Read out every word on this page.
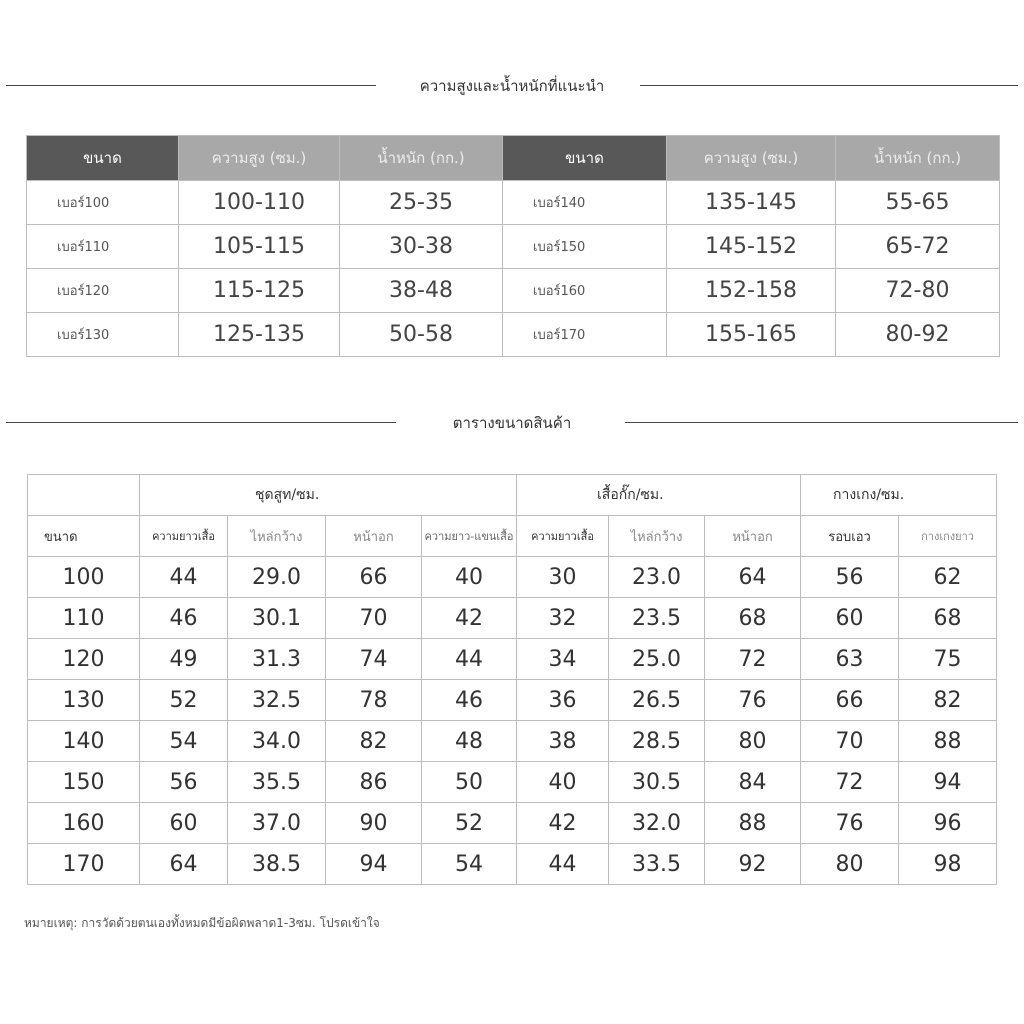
ความสูงและน้ำหนักที่แนะนำ
ขนาด	ความสูง (ซม.)	น้ำหนัก (กก.)	ขนาด	ความสูง (ซม.)	น้ำหนัก (กก.)
เบอร์100	100-110	25-35	เบอร์140	135-145	55-65
เบอร์110	105-115	30-38	เบอร์150	145-152	65-72
เบอร์120	115-125	38-48	เบอร์160	152-158	72-80
เบอร์130	125-135	50-58	เบอร์170	155-165	80-92
ตารางขนาดสินค้า
	ชุดสูท/ซม.				เสื้อกั๊ก/ซม.			กางเกง/ซม.	
ขนาด	ความยาวเสื้อ	ไหล่กว้าง	หน้าอก	ความยาว-แขนเสื้อ	ความยาวเสื้อ	ไหล่กว้าง	หน้าอก	รอบเอว	กางเกงยาว
100	44	29.0	66	40	30	23.0	64	56	62
110	46	30.1	70	42	32	23.5	68	60	68
120	49	31.3	74	44	34	25.0	72	63	75
130	52	32.5	78	46	36	26.5	76	66	82
140	54	34.0	82	48	38	28.5	80	70	88
150	56	35.5	86	50	40	30.5	84	72	94
160	60	37.0	90	52	42	32.0	88	76	96
170	64	38.5	94	54	44	33.5	92	80	98
หมายเหตุ: การวัดด้วยตนเองทั้งหมดมีข้อผิดพลาด1-3ซม. โปรดเข้าใจ
